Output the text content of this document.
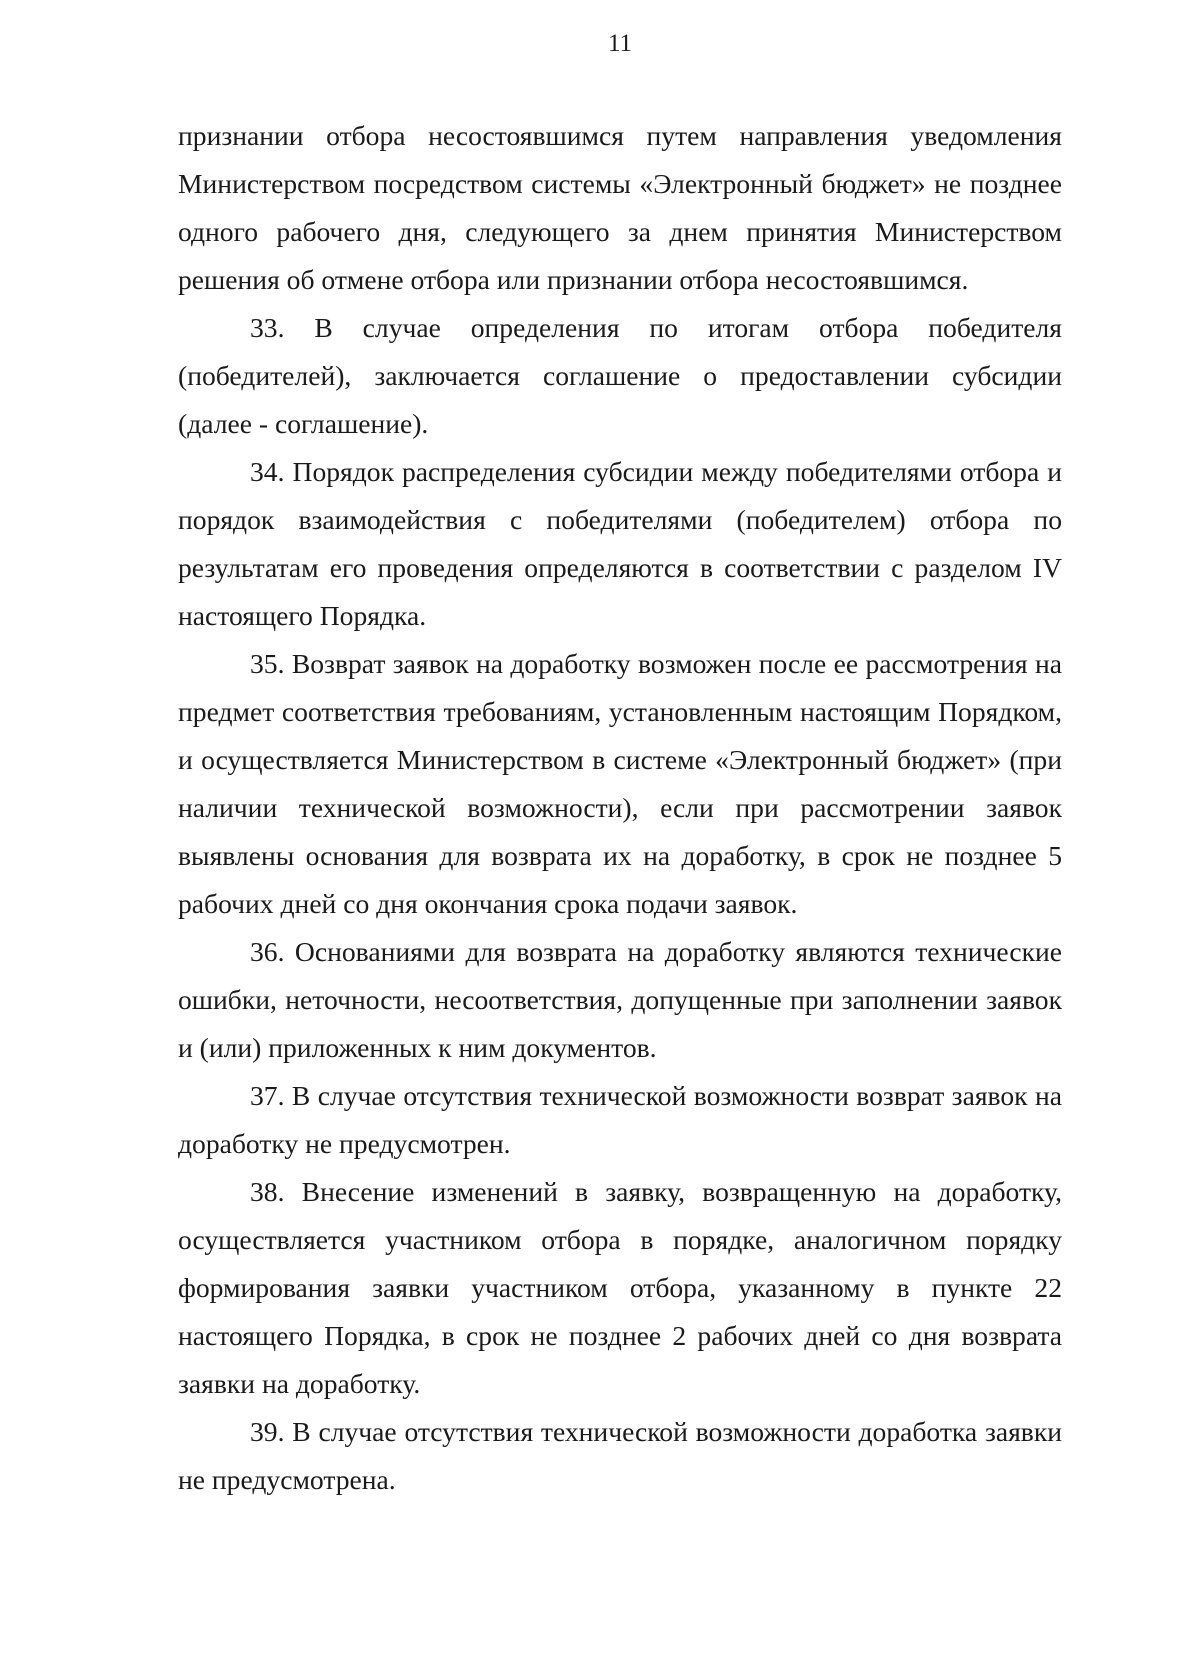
11

признании отбора несостоявшимся путем направления уведомления Министерством посредством системы «Электронный бюджет» не позднее одного рабочего дня, следующего за днем принятия Министерством решения об отмене отбора или признании отбора несостоявшимся.

33. В случае определения по итогам отбора победителя (победителей), заключается соглашение о предоставлении субсидии (далее - соглашение).

34. Порядок распределения субсидии между победителями отбора и порядок взаимодействия с победителями (победителем) отбора по результатам его проведения определяются в соответствии с разделом IV настоящего Порядка.

35. Возврат заявок на доработку возможен после ее рассмотрения на предмет соответствия требованиям, установленным настоящим Порядком, и осуществляется Министерством в системе «Электронный бюджет» (при наличии технической возможности), если при рассмотрении заявок выявлены основания для возврата их на доработку, в срок не позднее 5 рабочих дней со дня окончания срока подачи заявок.

36. Основаниями для возврата на доработку являются технические ошибки, неточности, несоответствия, допущенные при заполнении заявок и (или) приложенных к ним документов.

37. В случае отсутствия технической возможности возврат заявок на доработку не предусмотрен.

38. Внесение изменений в заявку, возвращенную на доработку, осуществляется участником отбора в порядке, аналогичном порядку формирования заявки участником отбора, указанному в пункте 22 настоящего Порядка, в срок не позднее 2 рабочих дней со дня возврата заявки на доработку.

39. В случае отсутствия технической возможности доработка заявки не предусмотрена.
